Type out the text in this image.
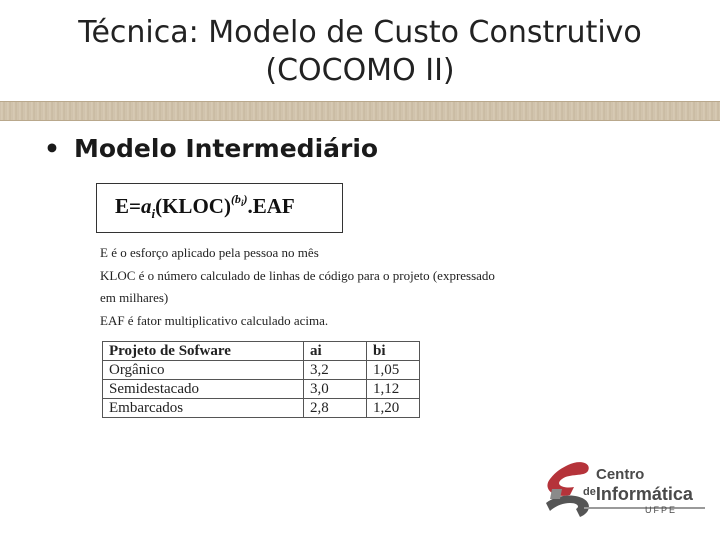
Técnica: Modelo de Custo Construtivo
(COCOMO II)
• Modelo Intermediário
$E=a_i(KLOC)^{(b_i)}.EAF$
E é o esforço aplicado pela pessoa no mês
KLOC é o número calculado de linhas de código para o projeto (expressado
em milhares)
EAF é fator multiplicativo calculado acima.
Projeto de Sofware	ai	bi
Orgânico	3,2	1,05
Semidestacado	3,0	1,12
Embarcados	2,8	1,20
Centro
$^{de}$Informática
UFPE
